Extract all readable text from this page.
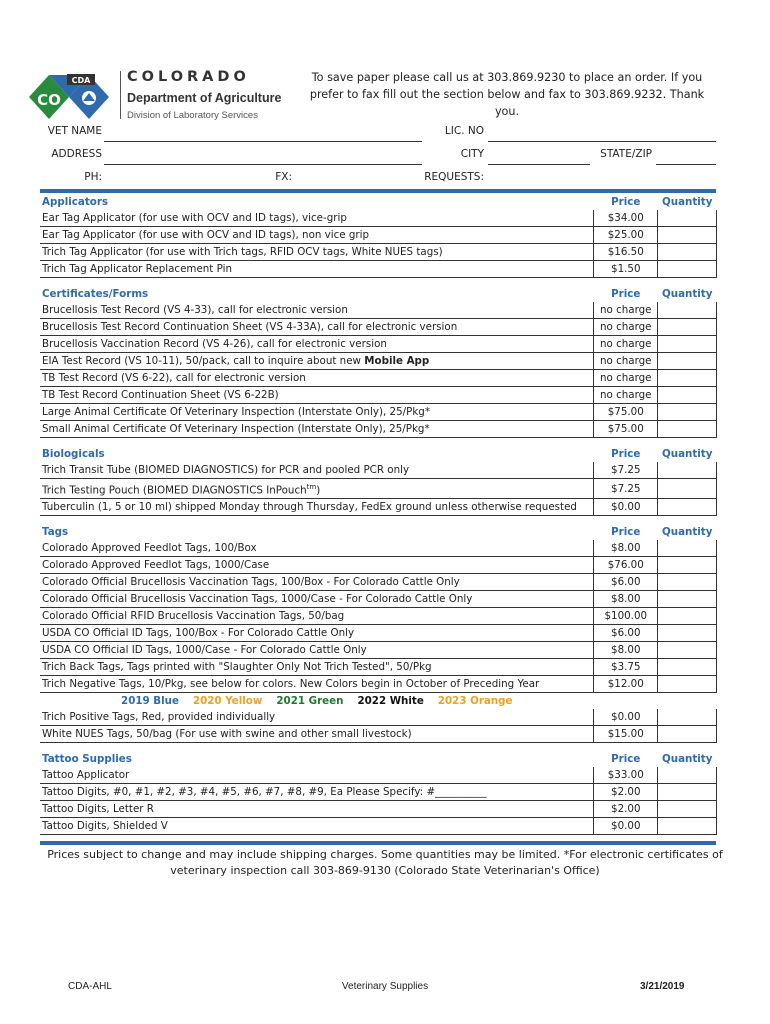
CDA
CO
COLORADO
Department of Agriculture
Division of Laboratory Services
To save paper please call us at 303.869.9230 to place an order. If you prefer to fax fill out the section below and fax to 303.869.9232. Thank you.
VET NAME	LIC. NO
ADDRESS	CITY	STATE/ZIP
PH:	FX:	REQUESTS:
Applicators	Price	Quantity
Ear Tag Applicator (for use with OCV and ID tags), vice-grip	$34.00	
Ear Tag Applicator (for use with OCV and ID tags), non vice grip	$25.00	
Trich Tag Applicator (for use with Trich tags, RFID OCV tags, White NUES tags)	$16.50	
Trich Tag Applicator Replacement Pin	$1.50	
Certificates/Forms	Price	Quantity
Brucellosis Test Record (VS 4-33), call for electronic version	no charge	
Brucellosis Test Record Continuation Sheet (VS 4-33A), call for electronic version	no charge	
Brucellosis Vaccination Record (VS 4-26), call for electronic version	no charge	
EIA Test Record (VS 10-11), 50/pack, call to inquire about new Mobile App	no charge	
TB Test Record (VS 6-22), call for electronic version	no charge	
TB Test Record Continuation Sheet (VS 6-22B)	no charge	
Large Animal Certificate Of Veterinary Inspection (Interstate Only), 25/Pkg*	$75.00	
Small Animal Certificate Of Veterinary Inspection (Interstate Only), 25/Pkg*	$75.00	
Biologicals	Price	Quantity
Trich Transit Tube (BIOMED DIAGNOSTICS) for PCR and pooled PCR only	$7.25	
Trich Testing Pouch (BIOMED DIAGNOSTICS InPouch$^{tm}$)	$7.25	
Tuberculin (1, 5 or 10 ml) shipped Monday through Thursday, FedEx ground unless otherwise requested	$0.00	
Tags	Price	Quantity
Colorado Approved Feedlot Tags, 100/Box	$8.00	
Colorado Approved Feedlot Tags, 1000/Case	$76.00	
Colorado Official Brucellosis Vaccination Tags, 100/Box - For Colorado Cattle Only	$6.00	
Colorado Official Brucellosis Vaccination Tags, 1000/Case - For Colorado Cattle Only	$8.00	
Colorado Official RFID Brucellosis Vaccination Tags, 50/bag	$100.00	
USDA CO Official ID Tags, 100/Box - For Colorado Cattle Only	$6.00	
USDA CO Official ID Tags, 1000/Case - For Colorado Cattle Only	$8.00	
Trich Back Tags, Tags printed with "Slaughter Only Not Trich Tested", 50/Pkg	$3.75	
Trich Negative Tags, 10/Pkg, see below for colors. New Colors begin in October of Preceding Year	$12.00	
2019 Blue 2020 Yellow 2021 Green 2022 White 2023 Orange		
Trich Positive Tags, Red, provided individually	$0.00	
White NUES Tags, 50/bag (For use with swine and other small livestock)	$15.00	
Tattoo Supplies	Price	Quantity
Tattoo Applicator	$33.00	
Tattoo Digits, #0, #1, #2, #3, #4, #5, #6, #7, #8, #9, Ea Please Specify: #__________	$2.00	
Tattoo Digits, Letter R	$2.00	
Tattoo Digits, Shielded V	$0.00	
Prices subject to change and may include shipping charges. Some quantities may be limited. *For electronic certificates of veterinary inspection call 303-869-9130 (Colorado State Veterinarian's Office)
CDA-AHL	Veterinary Supplies	3/21/2019
